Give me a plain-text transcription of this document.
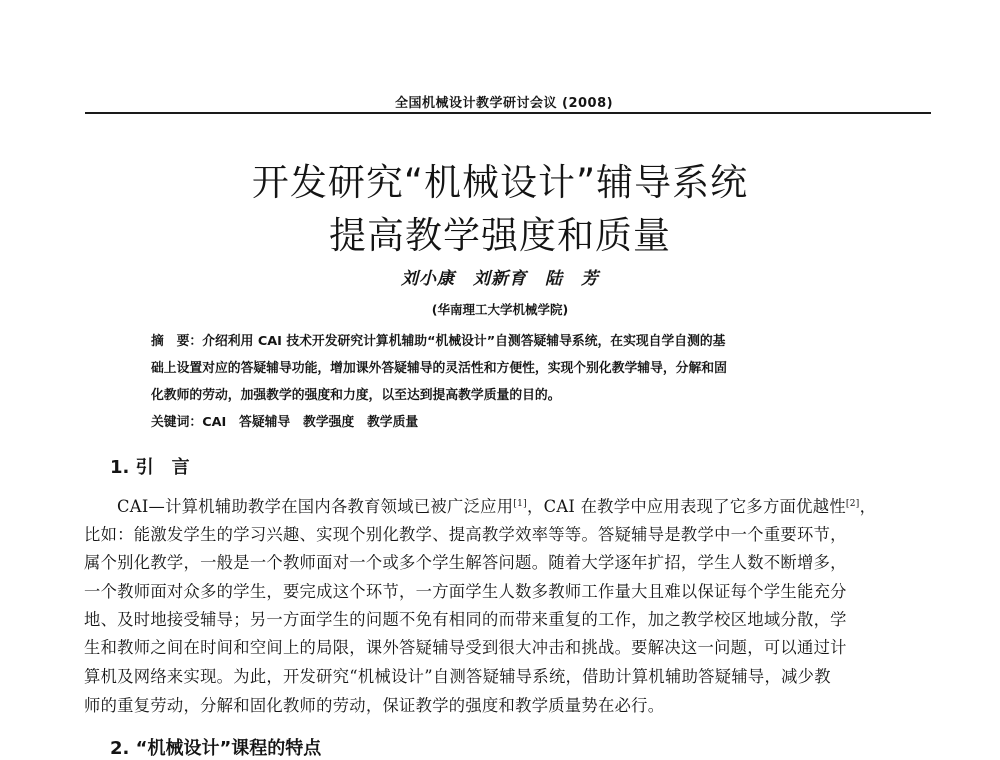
全国机械设计教学研讨会议 (2008)
开发研究“机械设计”辅导系统
提高教学强度和质量
刘小康　刘新育　陆　芳
(华南理工大学机械学院)
摘　要：介绍利用 CAI 技术开发研究计算机辅助“机械设计”自测答疑辅导系统，在实现自学自测的基
础上设置对应的答疑辅导功能，增加课外答疑辅导的灵活性和方便性，实现个别化教学辅导，分解和固
化教师的劳动，加强教学的强度和力度，以至达到提高教学质量的目的。
关键词：CAI　答疑辅导　教学强度　教学质量
1. 引　言
CAI—计算机辅助教学在国内各教育领域已被广泛应用[1]，CAI 在教学中应用表现了它多方面优越性[2]，
比如：能激发学生的学习兴趣、实现个别化教学、提高教学效率等等。答疑辅导是教学中一个重要环节，
属个别化教学，一般是一个教师面对一个或多个学生解答问题。随着大学逐年扩招，学生人数不断增多，
一个教师面对众多的学生，要完成这个环节，一方面学生人数多教师工作量大且难以保证每个学生能充分
地、及时地接受辅导；另一方面学生的问题不免有相同的而带来重复的工作，加之教学校区地域分散，学
生和教师之间在时间和空间上的局限，课外答疑辅导受到很大冲击和挑战。要解决这一问题，可以通过计
算机及网络来实现。为此，开发研究“机械设计”自测答疑辅导系统，借助计算机辅助答疑辅导，减少教
师的重复劳动，分解和固化教师的劳动，保证教学的强度和教学质量势在必行。
2. “机械设计”课程的特点
